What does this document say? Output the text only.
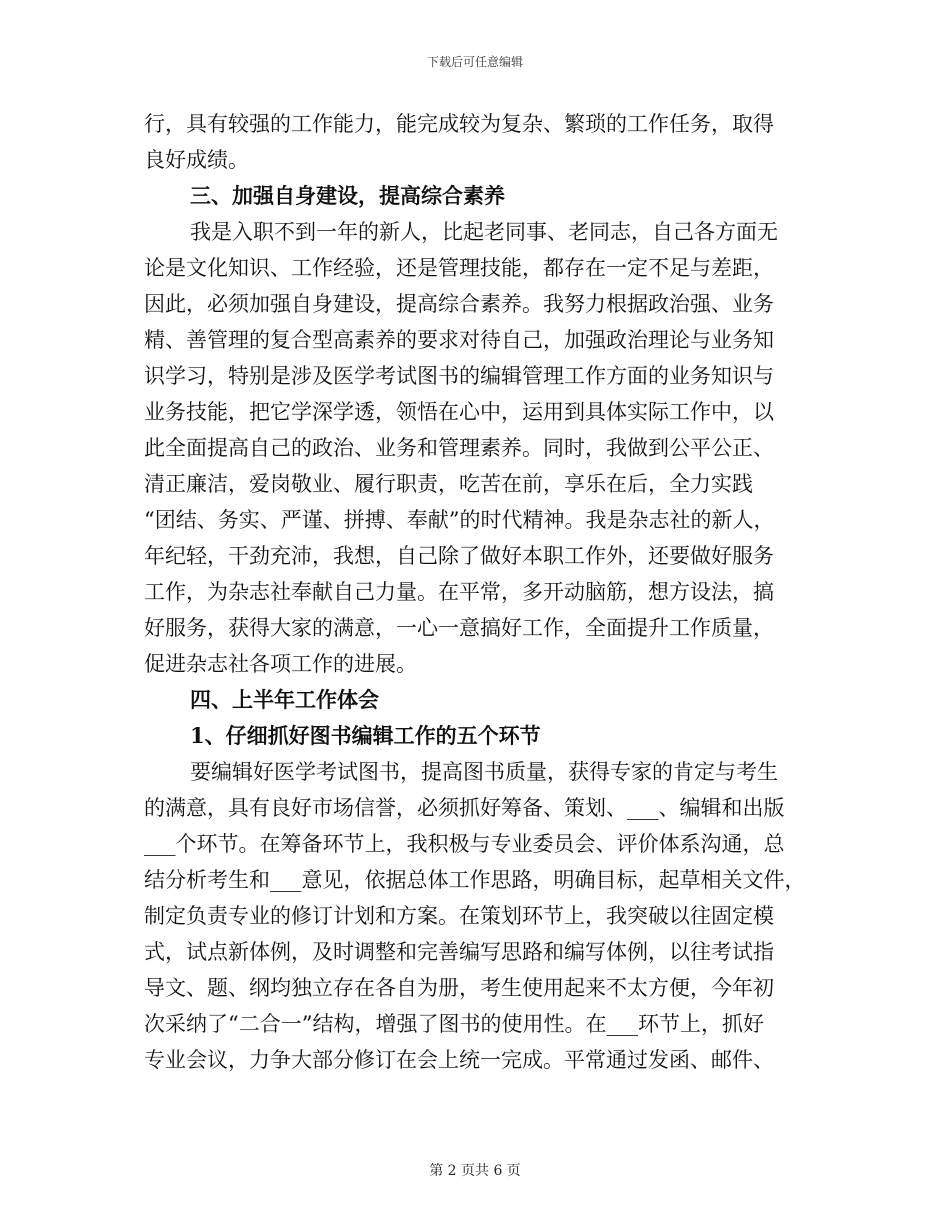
下载后可任意编辑
行，具有较强的工作能力，能完成较为复杂、繁琐的工作任务，取得
良好成绩。
三、加强自身建设，提高综合素养
我是入职不到一年的新人，比起老同事、老同志，自己各方面无
论是文化知识、工作经验，还是管理技能，都存在一定不足与差距，
因此，必须加强自身建设，提高综合素养。我努力根据政治强、业务
精、善管理的复合型高素养的要求对待自己，加强政治理论与业务知
识学习，特别是涉及医学考试图书的编辑管理工作方面的业务知识与
业务技能，把它学深学透，领悟在心中，运用到具体实际工作中，以
此全面提高自己的政治、业务和管理素养。同时，我做到公平公正、
清正廉洁，爱岗敬业、履行职责，吃苦在前，享乐在后，全力实践
“团结、务实、严谨、拼搏、奉献”的时代精神。我是杂志社的新人，
年纪轻，干劲充沛，我想，自己除了做好本职工作外，还要做好服务
工作，为杂志社奉献自己力量。在平常，多开动脑筋，想方设法，搞
好服务，获得大家的满意，一心一意搞好工作，全面提升工作质量，
促进杂志社各项工作的进展。
四、上半年工作体会
1、仔细抓好图书编辑工作的五个环节
要编辑好医学考试图书，提高图书质量，获得专家的肯定与考生
的满意，具有良好市场信誉，必须抓好筹备、策划、___、编辑和出版
___个环节。在筹备环节上，我积极与专业委员会、评价体系沟通，总
结分析考生和___意见，依据总体工作思路，明确目标，起草相关文件，
制定负责专业的修订计划和方案。在策划环节上，我突破以往固定模
式，试点新体例，及时调整和完善编写思路和编写体例，以往考试指
导文、题、纲均独立存在各自为册，考生使用起来不太方便，今年初
次采纳了“二合一”结构，增强了图书的使用性。在___环节上，抓好
专业会议，力争大部分修订在会上统一完成。平常通过发函、邮件、
第 2 页共 6 页
